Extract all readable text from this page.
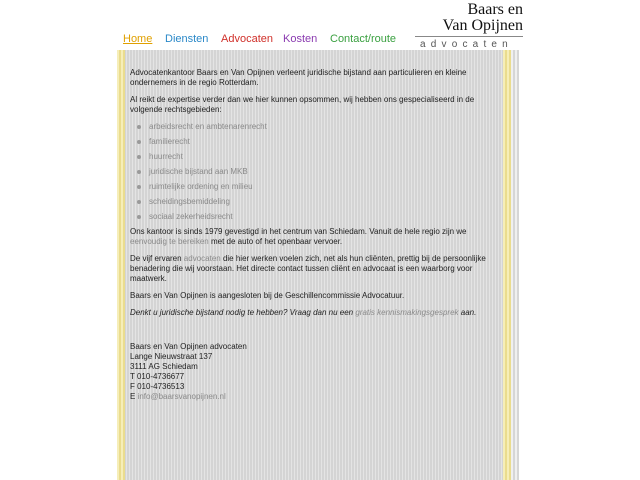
Baars en
Van Opijnen
advocaten
Home Diensten Advocaten Kosten Contact/route

Advocatenkantoor Baars en Van Opijnen verleent juridische bijstand aan particulieren en kleine ondernemers in de regio Rotterdam.

Al reikt de expertise verder dan we hier kunnen opsommen, wij hebben ons gespecialiseerd in de volgende rechtsgebieden:

arbeidsrecht en ambtenarenrecht
familierecht
huurrecht
juridische bijstand aan MKB
ruimtelijke ordening en milieu
scheidingsbemiddeling
sociaal zekerheidsrecht

Ons kantoor is sinds 1979 gevestigd in het centrum van Schiedam. Vanuit de hele regio zijn we eenvoudig te bereiken met de auto of het openbaar vervoer.

De vijf ervaren advocaten die hier werken voelen zich, net als hun cliënten, prettig bij de persoonlijke benadering die wij voorstaan. Het directe contact tussen cliënt en advocaat is een waarborg voor maatwerk.

Baars en Van Opijnen is aangesloten bij de Geschillencommissie Advocatuur.

Denkt u juridische bijstand nodig te hebben? Vraag dan nu een gratis kennismakingsgesprek aan.

Baars en Van Opijnen advocaten
Lange Nieuwstraat 137
3111 AG Schiedam
T 010-4736677
F 010-4736513
E info@baarsvanopijnen.nl
